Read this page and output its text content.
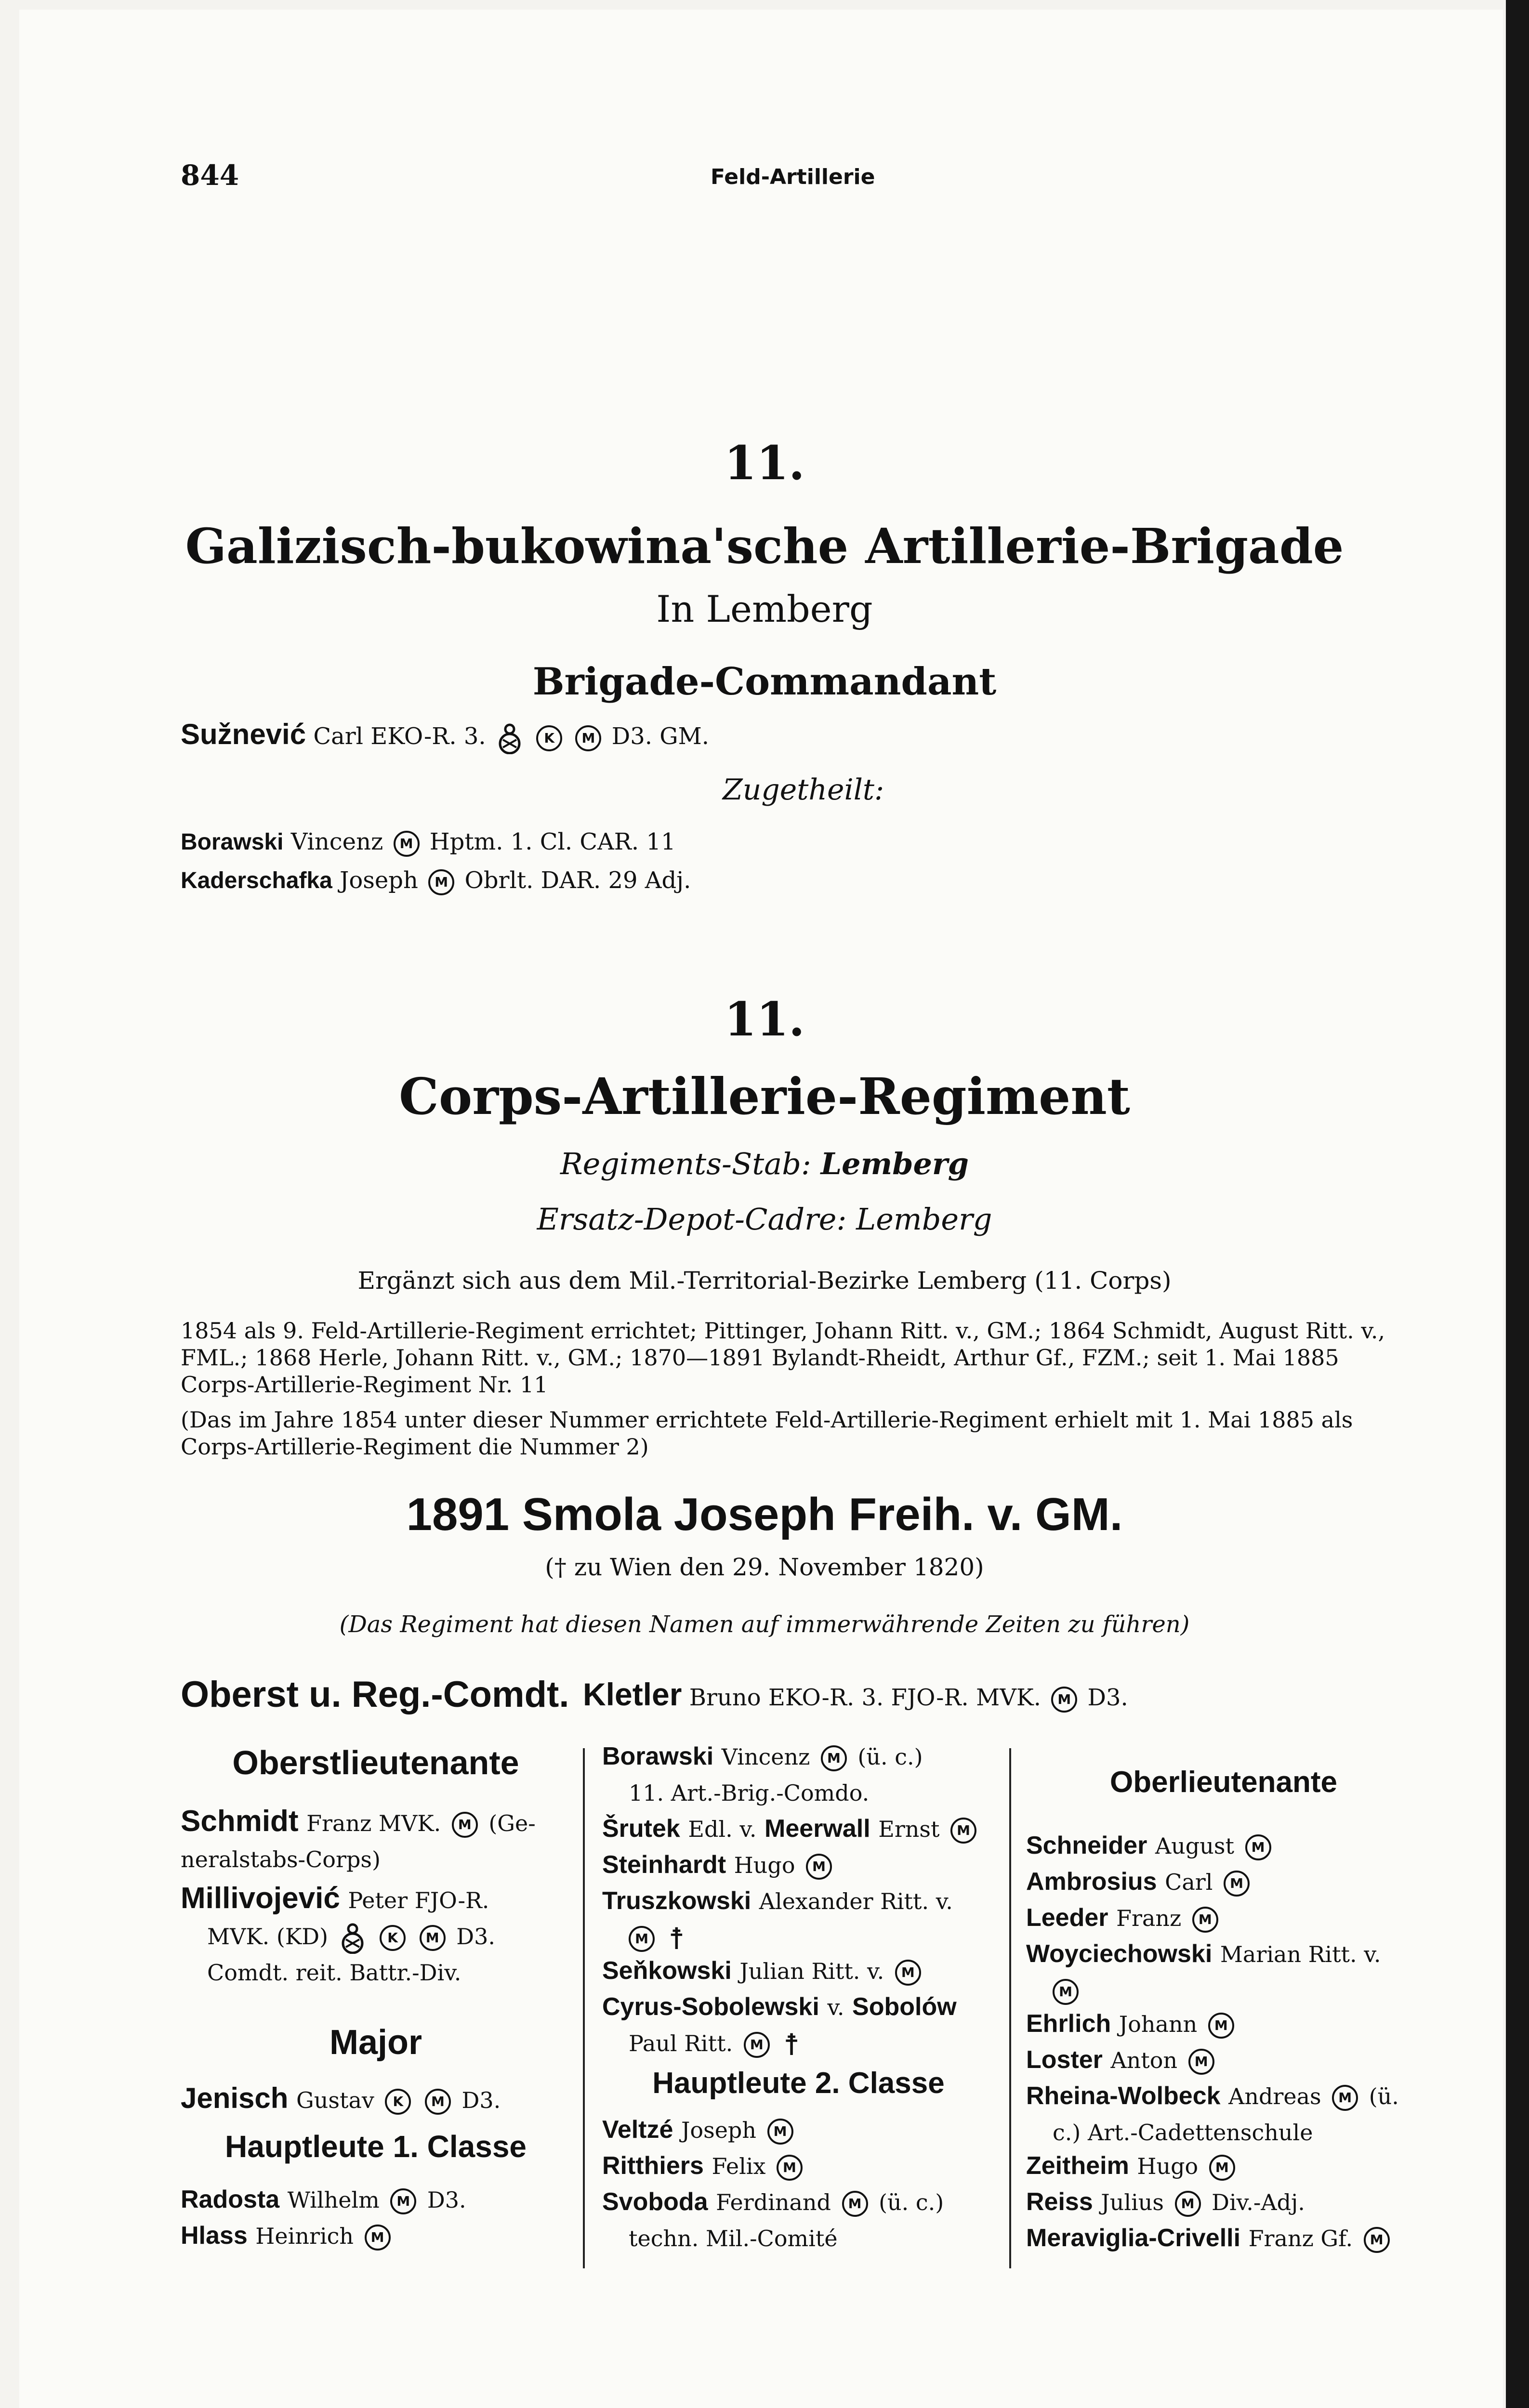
844	Feld-Artillerie
11.
Galizisch-bukowina'sche Artillerie-Brigade
In Lemberg
Brigade-Commandant
Sužnević Carl EKO-R. 3.	K M D3. GM.
Zugetheilt:
Borawski Vincenz M Hptm. 1. Cl. CAR. 11
Kaderschafka Joseph M Obrlt. DAR. 29 Adj.
11.
Corps-Artillerie-Regiment
Regiments-Stab: Lemberg
Ersatz-Depot-Cadre: Lemberg
Ergänzt sich aus dem Mil.-Territorial-Bezirke Lemberg (11. Corps)

1854 als 9. Feld-Artillerie-Regiment errichtet; Pittinger, Johann Ritt. v., GM.; 1864 Schmidt, August Ritt. v., FML.; 1868 Herle, Johann Ritt. v., GM.; 1870—1891 Bylandt-Rheidt, Arthur Gf., FZM.; seit 1. Mai 1885 Corps-Artillerie-Regiment Nr. 11

(Das im Jahre 1854 unter dieser Nummer errichtete Feld-Artillerie-Regiment erhielt mit 1. Mai 1885 als Corps-Artillerie-Regiment die Nummer 2)

1891 Smola Joseph Freih. v. GM.
(† zu Wien den 29. November 1820)
(Das Regiment hat diesen Namen auf immerwährende Zeiten zu führen)
Oberst u. Reg.-Comdt. Kletler Bruno EKO-R. 3. FJO-R. MVK. M D3.
Oberstlieutenante
Schmidt Franz MVK. M (Ge-
neralstabs-Corps)
Millivojević Peter FJO-R.
MVK. (KD)	K M D3.
Comdt. reit. Battr.-Div.
Major
Jenisch Gustav K M D3.
Hauptleute 1. Classe
Radosta Wilhelm M D3.
Hlass Heinrich M
Borawski Vincenz M (ü. c.)
11. Art.-Brig.-Comdo.
Šrutek Edl. v. Meerwall Ernst M
Steinhardt Hugo M
Truszkowski Alexander Ritt. v.
M ☨
Seňkowski Julian Ritt. v. M
Cyrus-Sobolewski v. Sobolów
Paul Ritt. M ☨
Hauptleute 2. Classe
Veltzé Joseph M
Ritthiers Felix M
Svoboda Ferdinand M (ü. c.)
techn. Mil.-Comité
Oberlieutenante
Schneider August M
Ambrosius Carl M
Leeder Franz M
Woyciechowski Marian Ritt. v.
M
Ehrlich Johann M
Loster Anton M
Rheina-Wolbeck Andreas M (ü.
c.) Art.-Cadettenschule
Zeitheim Hugo M
Reiss Julius M Div.-Adj.
Meraviglia-Crivelli Franz Gf. M
